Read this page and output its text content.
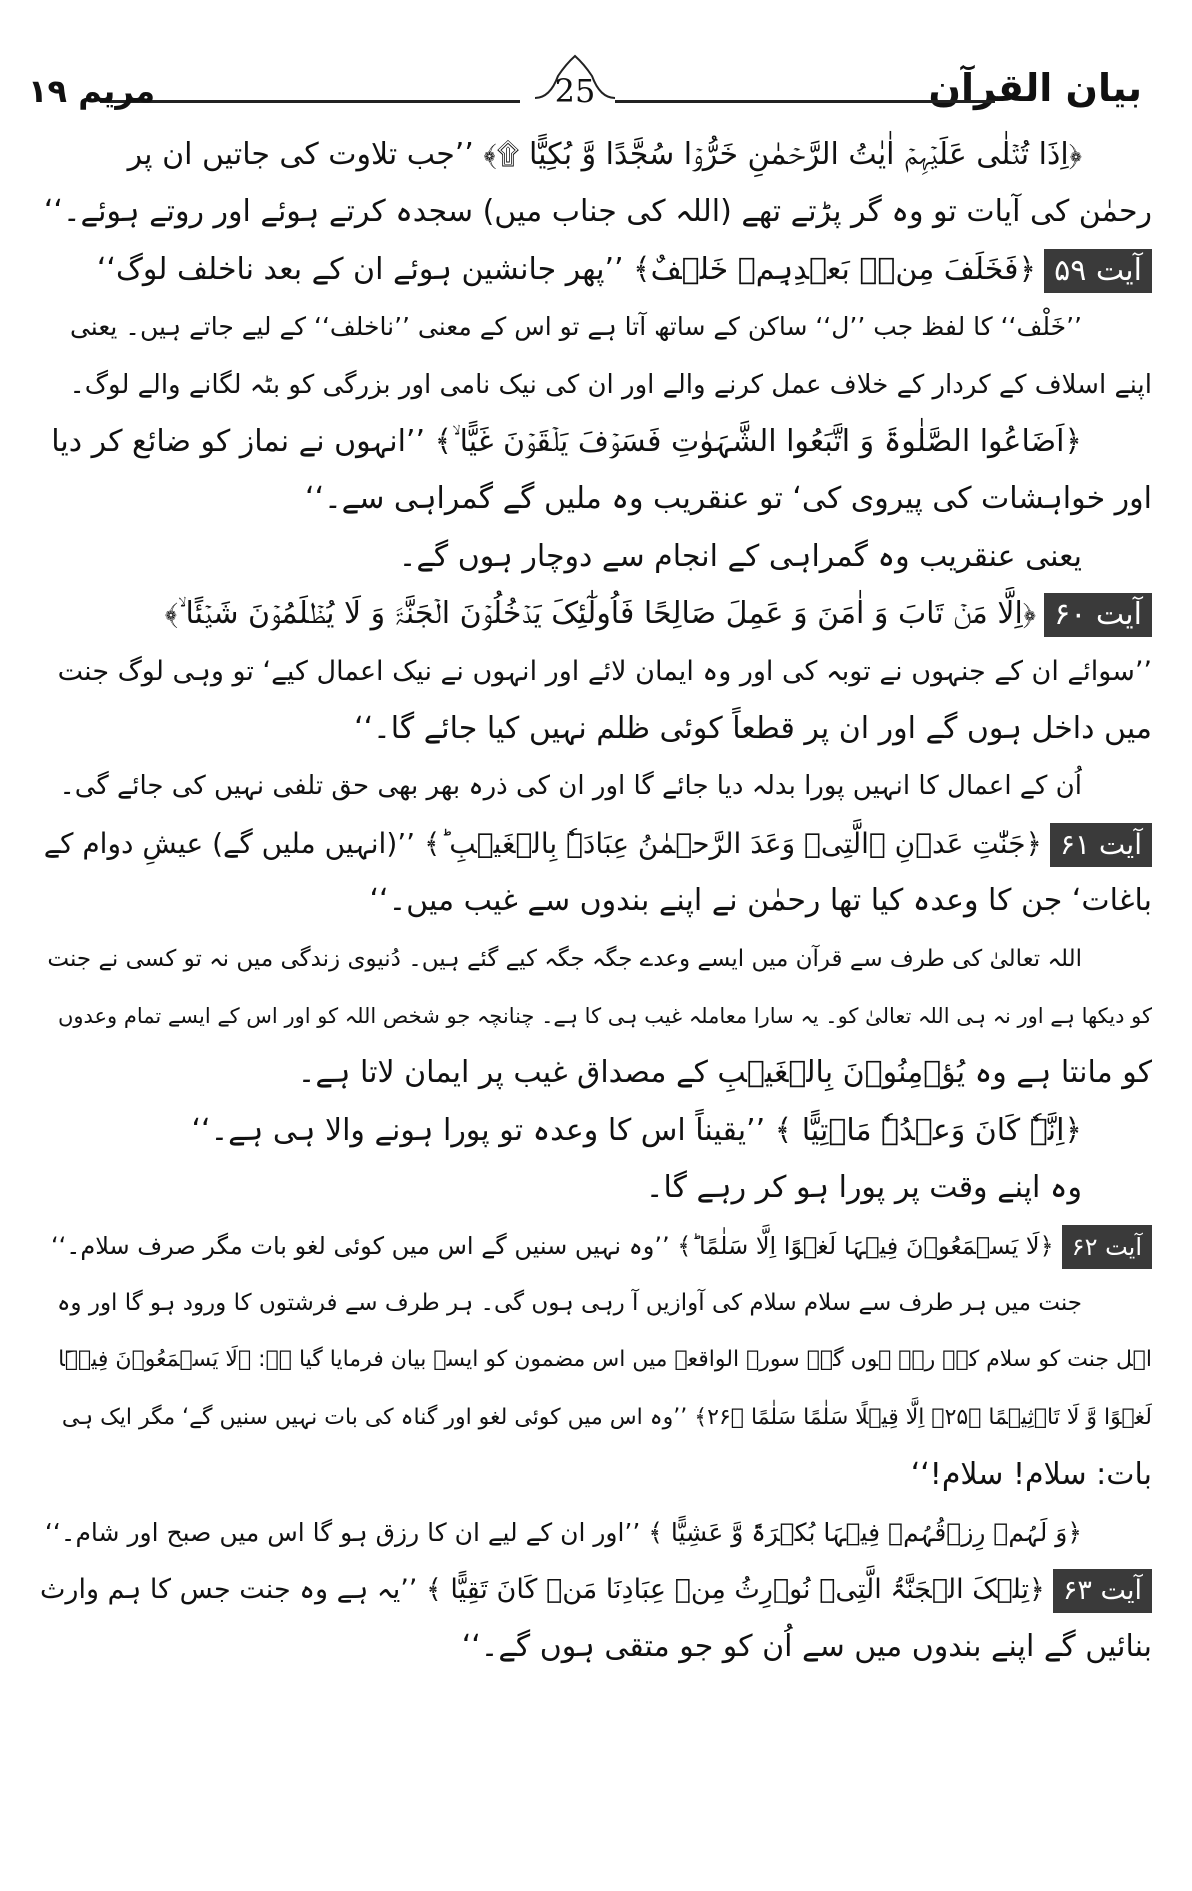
بیان القرآن
25
مریم ۱۹
﴿اِذَا تُتۡلٰی عَلَیۡہِمۡ اٰیٰتُ الرَّحۡمٰنِ خَرُّوۡا سُجَّدًا وَّ بُکِیًّا ۩﴾ ’’جب تلاوت کی جاتیں ان پر
رحمٰن کی آیات تو وہ گر پڑتے تھے (اللہ کی جناب میں) سجدہ کرتے ہوئے اور روتے ہوئے۔‘‘
آیت ۵۹﴿فَخَلَفَ مِنۡۢ بَعۡدِہِمۡ خَلۡفٌ﴾ ’’پھر جانشین ہوئے ان کے بعد ناخلف لوگ‘‘
’’خَلْف‘‘ کا لفظ جب ’’ل‘‘ ساکن کے ساتھ آتا ہے تو اس کے معنی ’’ناخلف‘‘ کے لیے جاتے ہیں۔ یعنی
اپنے اسلاف کے کردار کے خلاف عمل کرنے والے اور ان کی نیک نامی اور بزرگی کو بٹہ لگانے والے لوگ۔
﴿اَضَاعُوا الصَّلٰوۃَ وَ اتَّبَعُوا الشَّہَوٰتِ فَسَوۡفَ یَلۡقَوۡنَ غَیًّا ۙ﴾ ’’انہوں نے نماز کو ضائع کر دیا
اور خواہشات کی پیروی کی‘ تو عنقریب وہ ملیں گے گمراہی سے۔‘‘
یعنی عنقریب وہ گمراہی کے انجام سے دوچار ہوں گے۔
آیت ۶۰﴿اِلَّا مَنۡ تَابَ وَ اٰمَنَ وَ عَمِلَ صَالِحًا فَاُولٰٓئِکَ یَدۡخُلُوۡنَ الۡجَنَّۃَ وَ لَا یُظۡلَمُوۡنَ شَیۡئًا ۙ﴾
’’سوائے ان کے جنہوں نے توبہ کی اور وہ ایمان لائے اور انہوں نے نیک اعمال کیے‘ تو وہی لوگ جنت
میں داخل ہوں گے اور ان پر قطعاً کوئی ظلم نہیں کیا جائے گا۔‘‘
اُن کے اعمال کا انہیں پورا بدلہ دیا جائے گا اور ان کی ذرہ بھر بھی حق تلفی نہیں کی جائے گی۔
آیت ۶۱﴿جَنّٰتِ عَدۡنِ ۣالَّتِیۡ وَعَدَ الرَّحۡمٰنُ عِبَادَہٗ بِالۡغَیۡبِ ؕ﴾ ’’(انہیں ملیں گے) عیشِ دوام کے
باغات‘ جن کا وعدہ کیا تھا رحمٰن نے اپنے بندوں سے غیب میں۔‘‘
اللہ تعالیٰ کی طرف سے قرآن میں ایسے وعدے جگہ جگہ کیے گئے ہیں۔ دُنیوی زندگی میں نہ تو کسی نے جنت
کو دیکھا ہے اور نہ ہی اللہ تعالیٰ کو۔ یہ سارا معاملہ غیب ہی کا ہے۔ چنانچہ جو شخص اللہ کو اور اس کے ایسے تمام وعدوں
کو مانتا ہے وہ یُؤۡمِنُوۡنَ بِالۡغَیۡبِ کے مصداق غیب پر ایمان لاتا ہے۔
﴿اِنَّہٗ کَانَ وَعۡدُہٗ مَاۡتِیًّا ﴾ ’’یقیناً اس کا وعدہ تو پورا ہونے والا ہی ہے۔‘‘
وہ اپنے وقت پر پورا ہو کر رہے گا۔
آیت ۶۲﴿لَا یَسۡمَعُوۡنَ فِیۡہَا لَغۡوًا اِلَّا سَلٰمًا ؕ﴾ ’’وہ نہیں سنیں گے اس میں کوئی لغو بات مگر صرف سلام۔‘‘
جنت میں ہر طرف سے سلام سلام کی آوازیں آ رہی ہوں گی۔ ہر طرف سے فرشتوں کا ورود ہو گا اور وہ
اہل جنت کو سلام کہہ رہے ہوں گے۔ سورۃ الواقعہ میں اس مضمون کو ایسے بیان فرمایا گیا ہے: ﴿لَا یَسۡمَعُوۡنَ فِیۡہَا
لَغۡوًا وَّ لَا تَاۡثِیۡمًا ﴿۲۵﴾ اِلَّا قِیۡلًا سَلٰمًا سَلٰمًا ﴿۲۶﴾ ’’وہ اس میں کوئی لغو اور گناہ کی بات نہیں سنیں گے‘ مگر ایک ہی
بات: سلام! سلام!‘‘
﴿وَ لَہُمۡ رِزۡقُہُمۡ فِیۡہَا بُکۡرَۃً وَّ عَشِیًّا ﴾ ’’اور ان کے لیے ان کا رزق ہو گا اس میں صبح اور شام۔‘‘
آیت ۶۳﴿تِلۡکَ الۡجَنَّۃُ الَّتِیۡ نُوۡرِثُ مِنۡ عِبَادِنَا مَنۡ کَانَ تَقِیًّا ﴾ ’’یہ ہے وہ جنت جس کا ہم وارث
بنائیں گے اپنے بندوں میں سے اُن کو جو متقی ہوں گے۔‘‘
